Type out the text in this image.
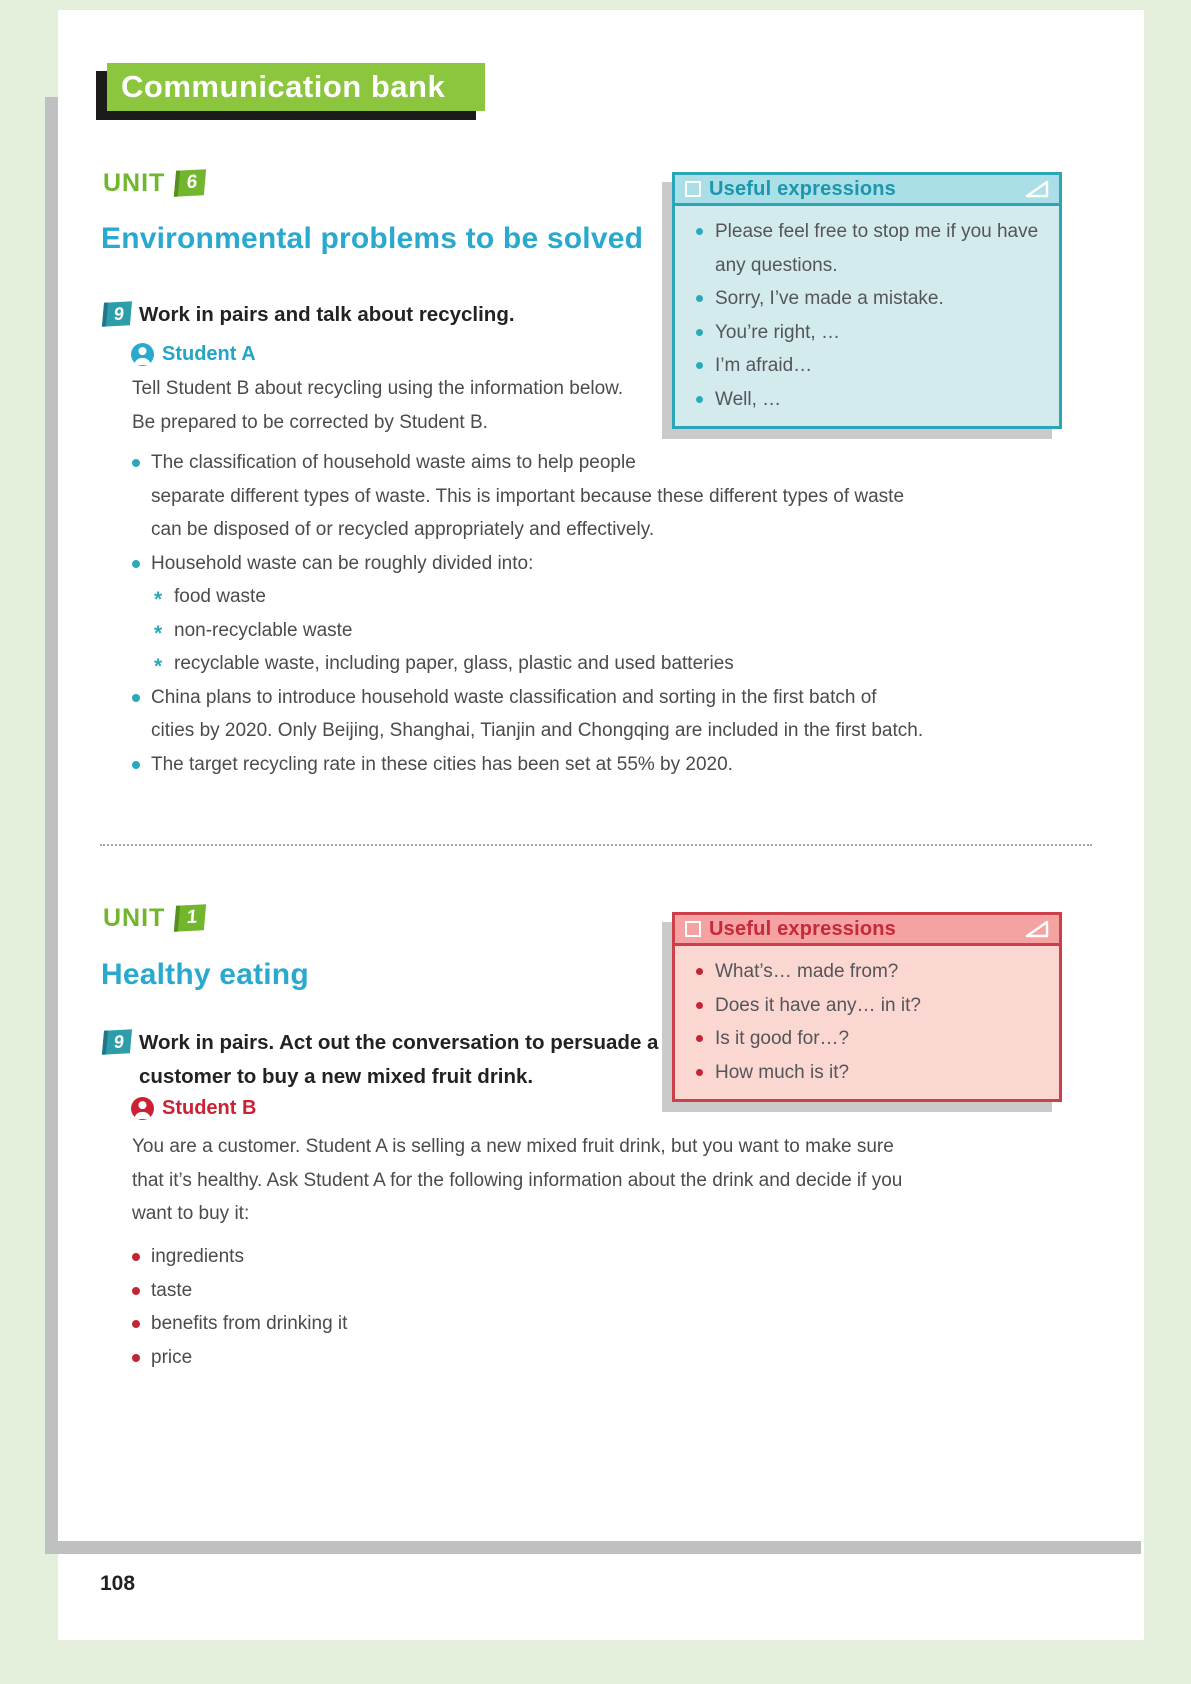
Communication bank
UNIT	6
Environmental problems to be solved
9 Work in pairs and talk about recycling.
Student A
Tell Student B about recycling using the information below.
Be prepared to be corrected by Student B.
The classification of household waste aims to help people
separate different types of waste. This is important because these different types of waste
can be disposed of or recycled appropriately and effectively.
Household waste can be roughly divided into:
* food waste
* non-recyclable waste
* recyclable waste, including paper, glass, plastic and used batteries
China plans to introduce household waste classification and sorting in the first batch of
cities by 2020. Only Beijing, Shanghai, Tianjin and Chongqing are included in the first batch.
The target recycling rate in these cities has been set at 55% by 2020.
Useful expressions
Please feel free to stop me if you have any questions.
Sorry, I’ve made a mistake.
You’re right, …
I’m afraid…
Well, …
UNIT	1
Healthy eating
9 Work in pairs. Act out the conversation to persuade a
customer to buy a new mixed fruit drink.
Student B
You are a customer. Student A is selling a new mixed fruit drink, but you want to make sure
that it’s healthy. Ask Student A for the following information about the drink and decide if you
want to buy it:
ingredients
taste
benefits from drinking it
price
Useful expressions
What’s… made from?
Does it have any… in it?
Is it good for…?
How much is it?
108
